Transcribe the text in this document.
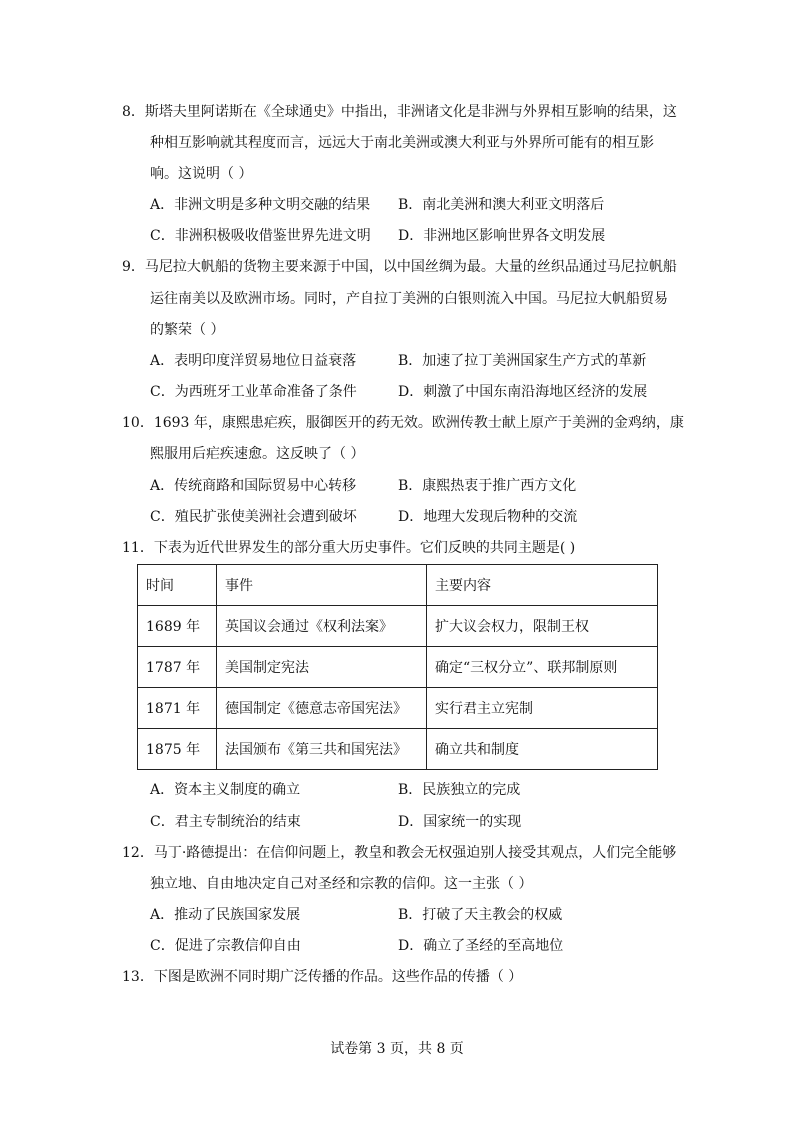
8．斯塔夫里阿诺斯在《全球通史》中指出，非洲诸文化是非洲与外界相互影响的结果，这
种相互影响就其程度而言，远远大于南北美洲或澳大利亚与外界所可能有的相互影
响。这说明（ ）
A．非洲文明是多种文明交融的结果 B．南北美洲和澳大利亚文明落后
C．非洲积极吸收借鉴世界先进文明 D．非洲地区影响世界各文明发展
9．马尼拉大帆船的货物主要来源于中国，以中国丝绸为最。大量的丝织品通过马尼拉帆船
运往南美以及欧洲市场。同时，产自拉丁美洲的白银则流入中国。马尼拉大帆船贸易
的繁荣（ ）
A．表明印度洋贸易地位日益衰落	B．加速了拉丁美洲国家生产方式的革新
C．为西班牙工业革命准备了条件	D．刺激了中国东南沿海地区经济的发展
10．1693 年，康熙患疟疾，服御医开的药无效。欧洲传教士献上原产于美洲的金鸡纳，康
熙服用后疟疾速愈。这反映了（ ）
A．传统商路和国际贸易中心转移	B．康熙热衷于推广西方文化
C．殖民扩张使美洲社会遭到破坏	D．地理大发现后物种的交流
11．下表为近代世界发生的部分重大历史事件。它们反映的共同主题是( )
时间	事件	主要内容
1689 年	英国议会通过《权利法案》	扩大议会权力，限制王权
1787 年	美国制定宪法	确定“三权分立”、联邦制原则
1871 年	德国制定《德意志帝国宪法》	实行君主立宪制
1875 年	法国颁布《第三共和国宪法》	确立共和制度
A．资本主义制度的确立	B．民族独立的完成
C．君主专制统治的结束	D．国家统一的实现
12．马丁·路德提出：在信仰问题上，教皇和教会无权强迫别人接受其观点，人们完全能够
独立地、自由地决定自己对圣经和宗教的信仰。这一主张（ ）
A．推动了民族国家发展	B．打破了天主教会的权威
C．促进了宗教信仰自由	D．确立了圣经的至高地位
13．下图是欧洲不同时期广泛传播的作品。这些作品的传播（ ）
试卷第 3 页，共 8 页
